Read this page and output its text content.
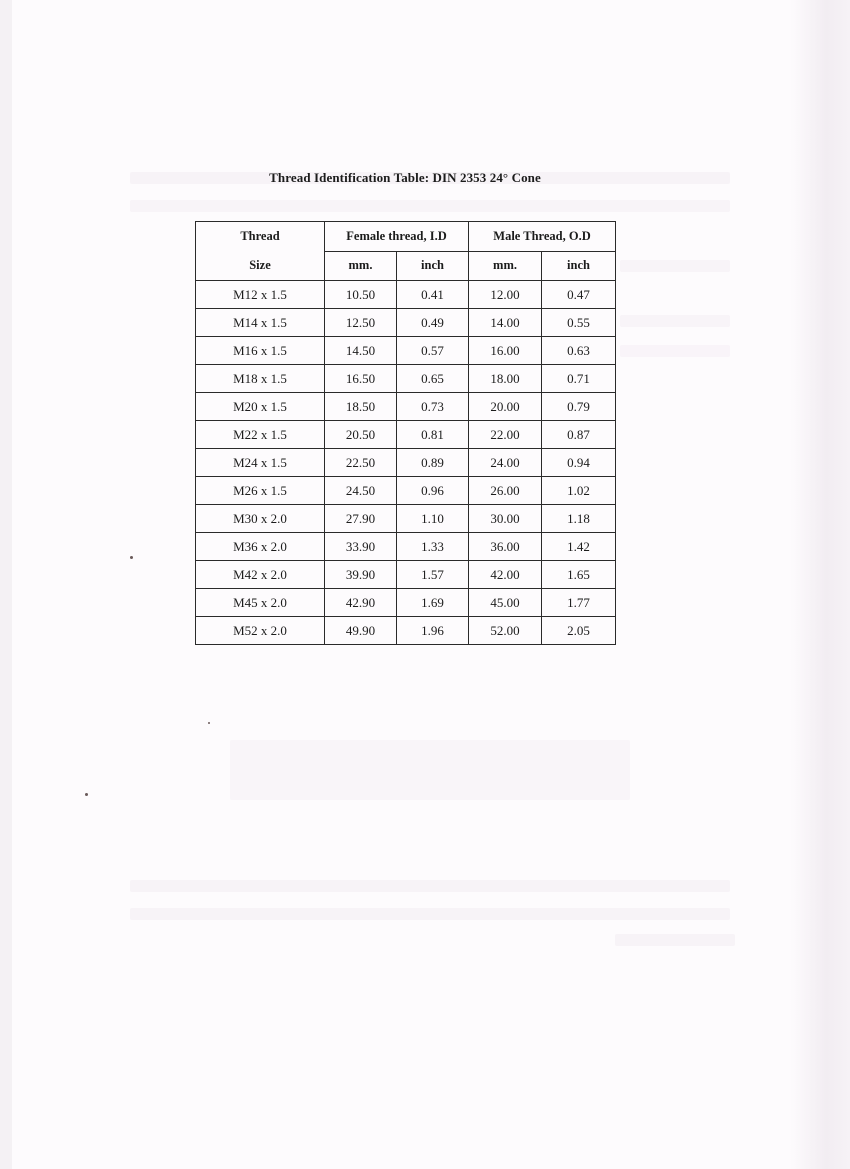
Thread Identification Table: DIN 2353 24° Cone
Thread
Size	Female thread, I.D		Male Thread, O.D	
	mm.	inch	mm.	inch
M12 x 1.5	10.50	0.41	12.00	0.47
M14 x 1.5	12.50	0.49	14.00	0.55
M16 x 1.5	14.50	0.57	16.00	0.63
M18 x 1.5	16.50	0.65	18.00	0.71
M20 x 1.5	18.50	0.73	20.00	0.79
M22 x 1.5	20.50	0.81	22.00	0.87
M24 x 1.5	22.50	0.89	24.00	0.94
M26 x 1.5	24.50	0.96	26.00	1.02
M30 x 2.0	27.90	1.10	30.00	1.18
M36 x 2.0	33.90	1.33	36.00	1.42
M42 x 2.0	39.90	1.57	42.00	1.65
M45 x 2.0	42.90	1.69	45.00	1.77
M52 x 2.0	49.90	1.96	52.00	2.05
